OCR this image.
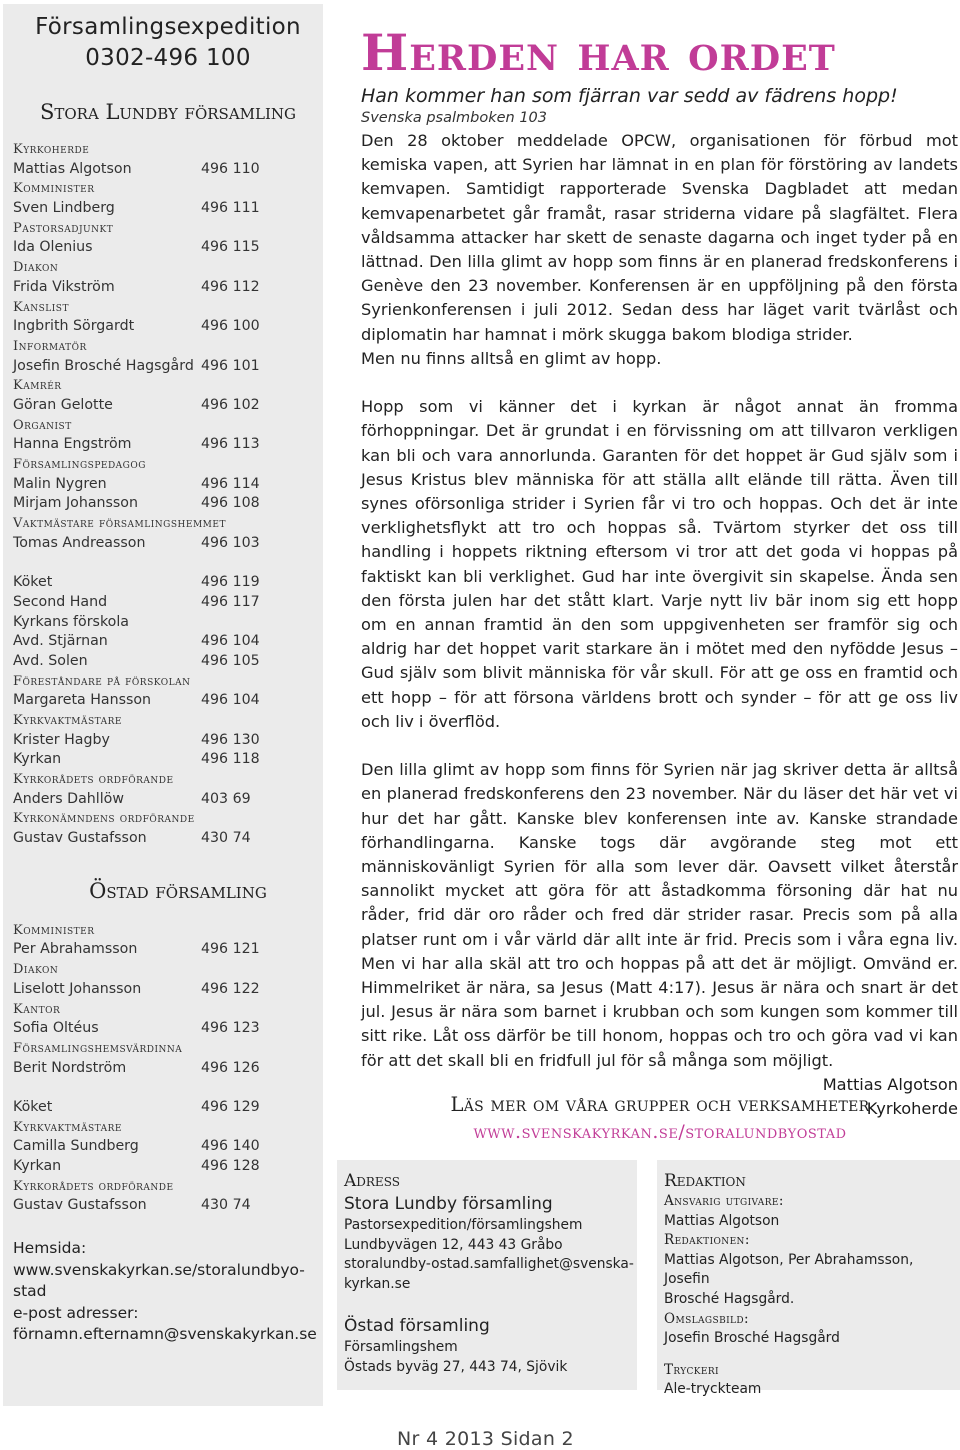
Församlingsexpedition
0302-496 100
Stora Lundby församling
Kyrkoherde
Mattias Algotson	496 110
Komminister
Sven Lindberg	496 111
Pastorsadjunkt
Ida Olenius	496 115
Diakon
Frida Vikström	496 112
Kanslist
Ingbrith Sörgardt	496 100
Informatör
Josefin Brosché Hagsgård 496 101
Kamrér
Göran Gelotte	496 102
Organist
Hanna Engström	496 113
Församlingspedagog
Malin Nygren	496 114
Mirjam Johansson	496 108
Vaktmästare församlingshemmet
Tomas Andreasson	496 103
Köket	496 119
Second Hand	496 117
Kyrkans förskola
Avd. Stjärnan	496 104
Avd. Solen	496 105
Föreståndare på förskolan
Margareta Hansson	496 104
Kyrkvaktmästare
Krister Hagby	496 130
Kyrkan	496 118
Kyrkorådets ordförande
Anders Dahllöw	403 69
Kyrkonämndens ordförande
Gustav Gustafsson	430 74
Östad församling
Komminister
Per Abrahamsson	496 121
Diakon
Liselott Johansson	496 122
Kantor
Sofia Oltéus	496 123
Församlingshemsvärdinna
Berit Nordström	496 126
Köket	496 129
Kyrkvaktmästare
Camilla Sundberg	496 140
Kyrkan	496 128
Kyrkorådets ordförande
Gustav Gustafsson	430 74
Hemsida:
www.svenskakyrkan.se/storalundbyo-
stad
e-post adresser:
förnamn.efternamn@svenskakyrkan.se
Herden har ordet
Han kommer han som fjärran var sedd av fädrens hopp!
Svenska psalmboken 103

Den 28 oktober meddelade OPCW, organisationen för förbud mot kemiska vapen, att Syrien har lämnat in en plan för förstöring av landets kemvapen. Samtidigt rapporterade Svenska Dagbladet att medan kemvapenarbetet går framåt, rasar striderna vidare på slagfältet. Flera våldsamma attacker har skett de senaste dagarna och inget tyder på en lättnad. Den lilla glimt av hopp som finns är en planerad fredskonferens i Genève den 23 november. Konferensen är en uppföljning på den första Syrienkonferensen i juli 2012. Sedan dess har läget varit tvärlåst och diplomatin har hamnat i mörk skugga bakom blodiga strider.
Men nu finns alltså en glimt av hopp.

Hopp som vi känner det i kyrkan är något annat än fromma förhoppningar. Det är grundat i en förvissning om att tillvaron verkligen kan bli och vara annorlunda. Garanten för det hoppet är Gud själv som i Jesus Kristus blev människa för att ställa allt elände till rätta. Även till synes oförsonliga strider i Syrien får vi tro och hoppas. Och det är inte verklighetsflykt att tro och hoppas så. Tvärtom styrker det oss till handling i hoppets riktning eftersom vi tror att det goda vi hoppas på faktiskt kan bli verklighet. Gud har inte övergivit sin skapelse. Ända sen den första julen har det stått klart. Varje nytt liv bär inom sig ett hopp om en annan framtid än den som uppgivenheten ser framför sig och aldrig har det hoppet varit starkare än i mötet med den nyfödde Jesus – Gud själv som blivit människa för vår skull. För att ge oss en framtid och ett hopp – för att försona världens brott och synder – för att ge oss liv och liv i överflöd.

Den lilla glimt av hopp som finns för Syrien när jag skriver detta är alltså en planerad fredskonferens den 23 november. När du läser det här vet vi hur det har gått. Kanske blev konferensen inte av. Kanske strandade förhandlingarna. Kanske togs där avgörande steg mot ett människovänligt Syrien för alla som lever där. Oavsett vilket återstår sannolikt mycket att göra för att åstadkomma försoning där hat nu råder, frid där oro råder och fred där strider rasar. Precis som på alla platser runt om i vår värld där allt inte är frid. Precis som i våra egna liv. Men vi har alla skäl att tro och hoppas på att det är möjligt. Omvänd er. Himmelriket är nära, sa Jesus (Matt 4:17). Jesus är nära och snart är det jul. Jesus är nära som barnet i krubban och som kungen som kommer till sitt rike. Låt oss därför be till honom, hoppas och tro och göra vad vi kan för att det skall bli en fridfull jul för så många som möjligt.

Mattias Algotson
Kyrkoherde
Läs mer om våra grupper och verksamheter
www.svenskakyrkan.se/storalundbyostad
Adress
Stora Lundby församling
Pastorsexpedition/församlingshem
Lundbyvägen 12, 443 43 Gråbo
storalundby-ostad.samfallighet@svenska-
kyrkan.se
Östad församling
Församlingshem
Östads byväg 27, 443 74, Sjövik
Redaktion
Ansvarig utgivare:
Mattias Algotson
Redaktionen:
Mattias Algotson, Per Abrahamsson, Josefin
Brosché Hagsgård.
Omslagsbild:
Josefin Brosché Hagsgård
Tryckeri
Ale-tryckteam
Nr 4 2013 Sidan 2
